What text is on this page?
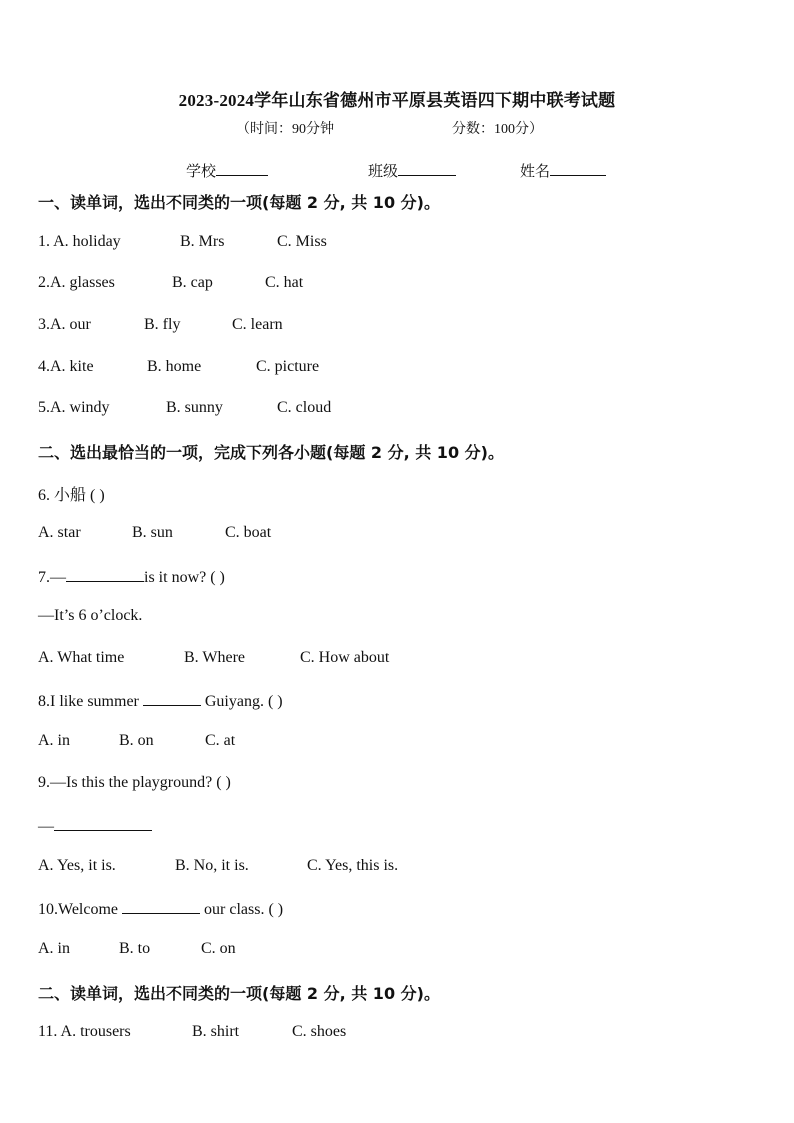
2023-2024学年山东省德州市平原县英语四下期中联考试题
（时间：90分钟	分数：100分）
学校	班级	姓名
一、读单词，选出不同类的一项(每题 2 分, 共 10 分)。
1. A. holiday	B. Mrs	C. Miss
2.A. glasses	B. cap	C. hat
3.A. our	B. fly	C. learn
4.A. kite	B. home	C. picture
5.A. windy	B. sunny	C. cloud
二、选出最恰当的一项，完成下列各小题(每题 2 分, 共 10 分)。
6. 小船 ( )
A. star	B. sun	C. boat
7.—	is it now? ( )
—It’s 6 o’clock.
A. What time	B. Where	C. How about
8.I like summer	Guiyang. ( )
A. in	B. on	C. at
9.—Is this the playground? ( )
—
A. Yes, it is.	B. No, it is.	C. Yes, this is.
10.Welcome	our class. ( )
A. in	B. to	C. on
二、读单词，选出不同类的一项(每题 2 分, 共 10 分)。
11. A. trousers	B. shirt	C. shoes
